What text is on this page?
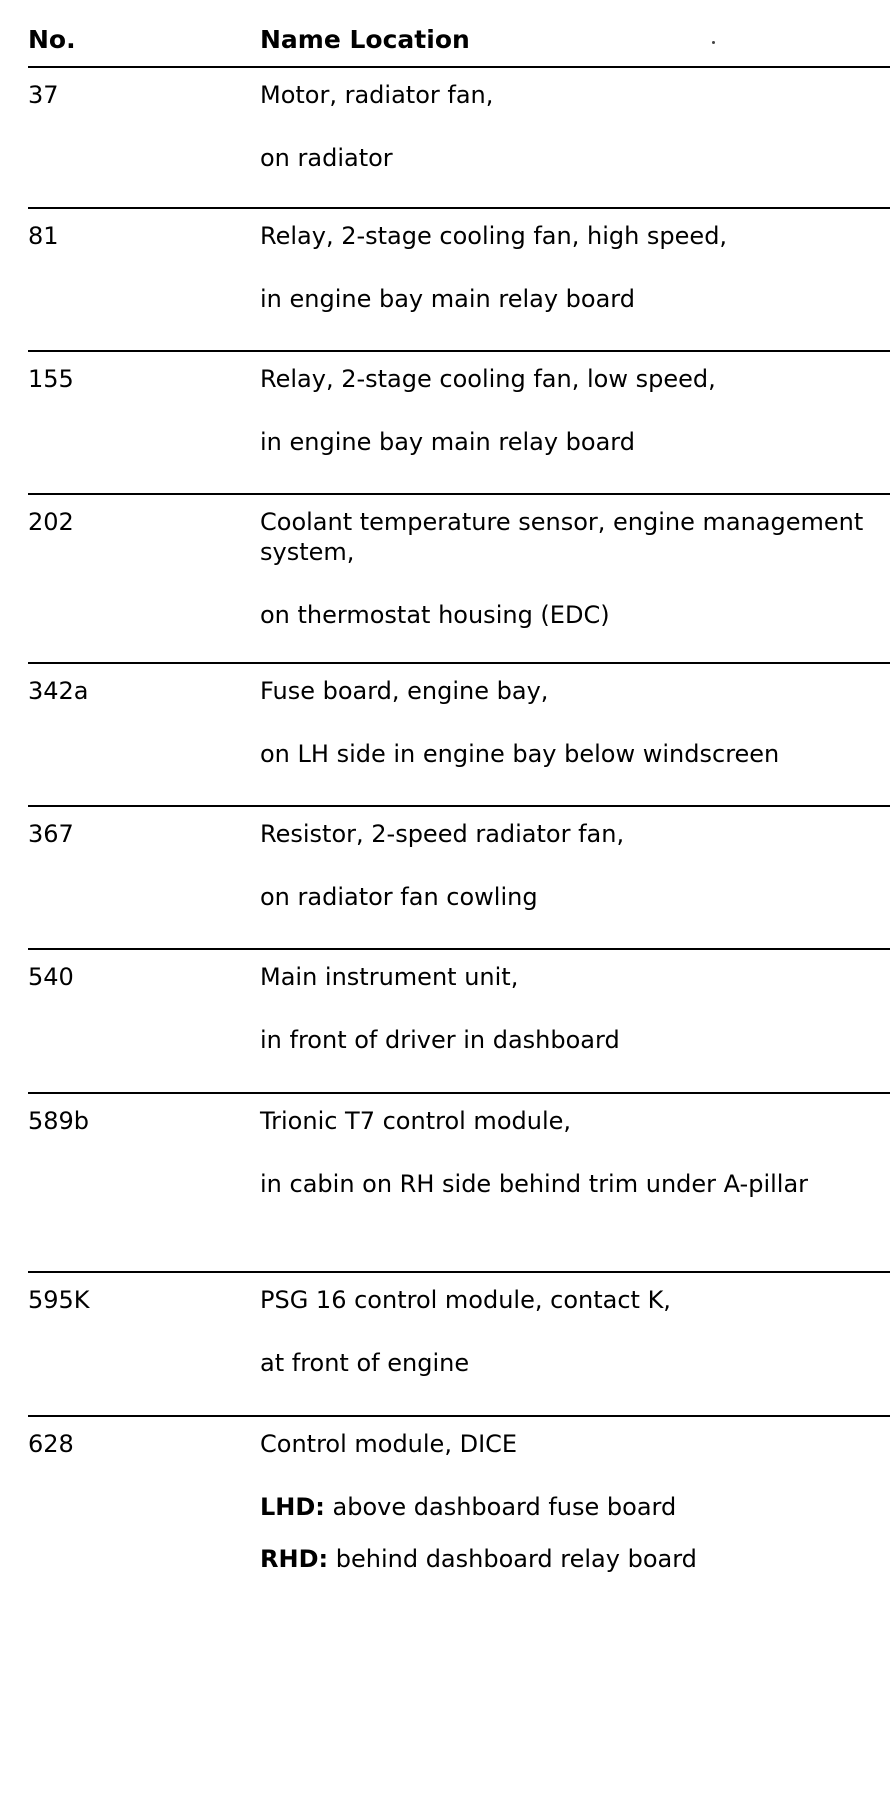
No.	Name Location
37	Motor, radiator fan,
on radiator
81	Relay, 2-stage cooling fan, high speed,
in engine bay main relay board
155	Relay, 2-stage cooling fan, low speed,
in engine bay main relay board
202	Coolant temperature sensor, engine management system,
on thermostat housing (EDC)
342a	Fuse board, engine bay,
on LH side in engine bay below windscreen
367	Resistor, 2-speed radiator fan,
on radiator fan cowling
540	Main instrument unit,
in front of driver in dashboard
589b	Trionic T7 control module,
in cabin on RH side behind trim under A-pillar
595K	PSG 16 control module, contact K,
at front of engine
628	Control module, DICE
LHD: above dashboard fuse board
RHD: behind dashboard relay board
